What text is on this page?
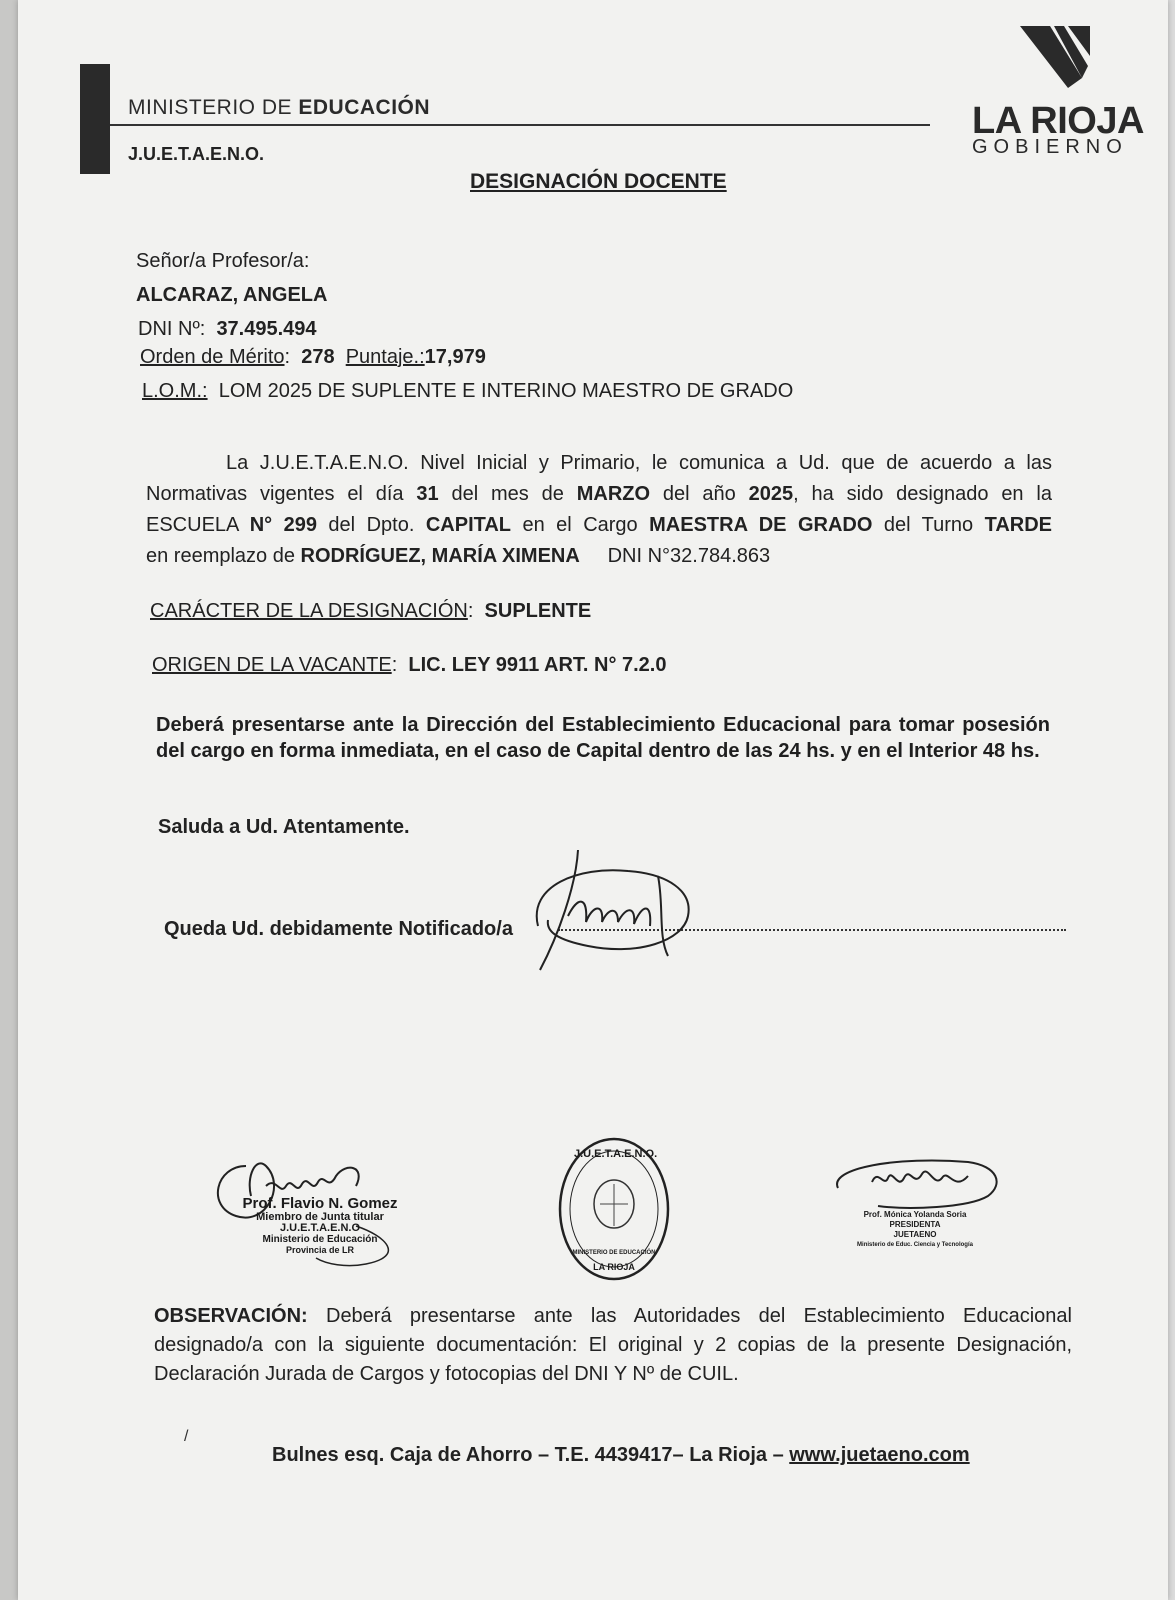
MINISTERIO DE EDUCACIÓN
J.U.E.T.A.E.N.O.
LA RIOJA
GOBIERNO
DESIGNACIÓN DOCENTE
Señor/a Profesor/a:
ALCARAZ, ANGELA
DNI Nº: 37.495.494
Orden de Mérito: 278 Puntaje.:17,979
L.O.M.: LOM 2025 DE SUPLENTE E INTERINO MAESTRO DE GRADO
La J.U.E.T.A.E.N.O. Nivel Inicial y Primario, le comunica a Ud. que de acuerdo a las
Normativas vigentes el día 31 del mes de MARZO del año 2025, ha sido designado en la
ESCUELA N° 299 del Dpto. CAPITAL en el Cargo MAESTRA DE GRADO del Turno TARDE
en reemplazo de RODRÍGUEZ, MARÍA XIMENA DNI N°32.784.863
CARÁCTER DE LA DESIGNACIÓN: SUPLENTE
ORIGEN DE LA VACANTE: LIC. LEY 9911 ART. N° 7.2.0
Deberá presentarse ante la Dirección del Establecimiento Educacional para tomar posesión del cargo en forma inmediata, en el caso de Capital dentro de las 24 hs. y en el Interior 48 hs.
Saluda a Ud. Atentamente.
Queda Ud. debidamente Notificado/a
Prof. Flavio N. Gomez
Miembro de Junta titular
J.U.E.T.A.E.N.O
Ministerio de Educación
Provincia de LR
J.U.E.T.A.E.N.O.
MINISTERIO DE EDUCACIÓN
LA RIOJA
Prof. Mónica Yolanda Soria
PRESIDENTA
JUETAENO
Ministerio de Educ. Ciencia y Tecnología
OBSERVACIÓN: Deberá presentarse ante las Autoridades del Establecimiento Educacional designado/a con la siguiente documentación: El original y 2 copias de la presente Designación, Declaración Jurada de Cargos y fotocopias del DNI Y Nº de CUIL.
/
Bulnes esq. Caja de Ahorro – T.E. 4439417– La Rioja – www.juetaeno.com
